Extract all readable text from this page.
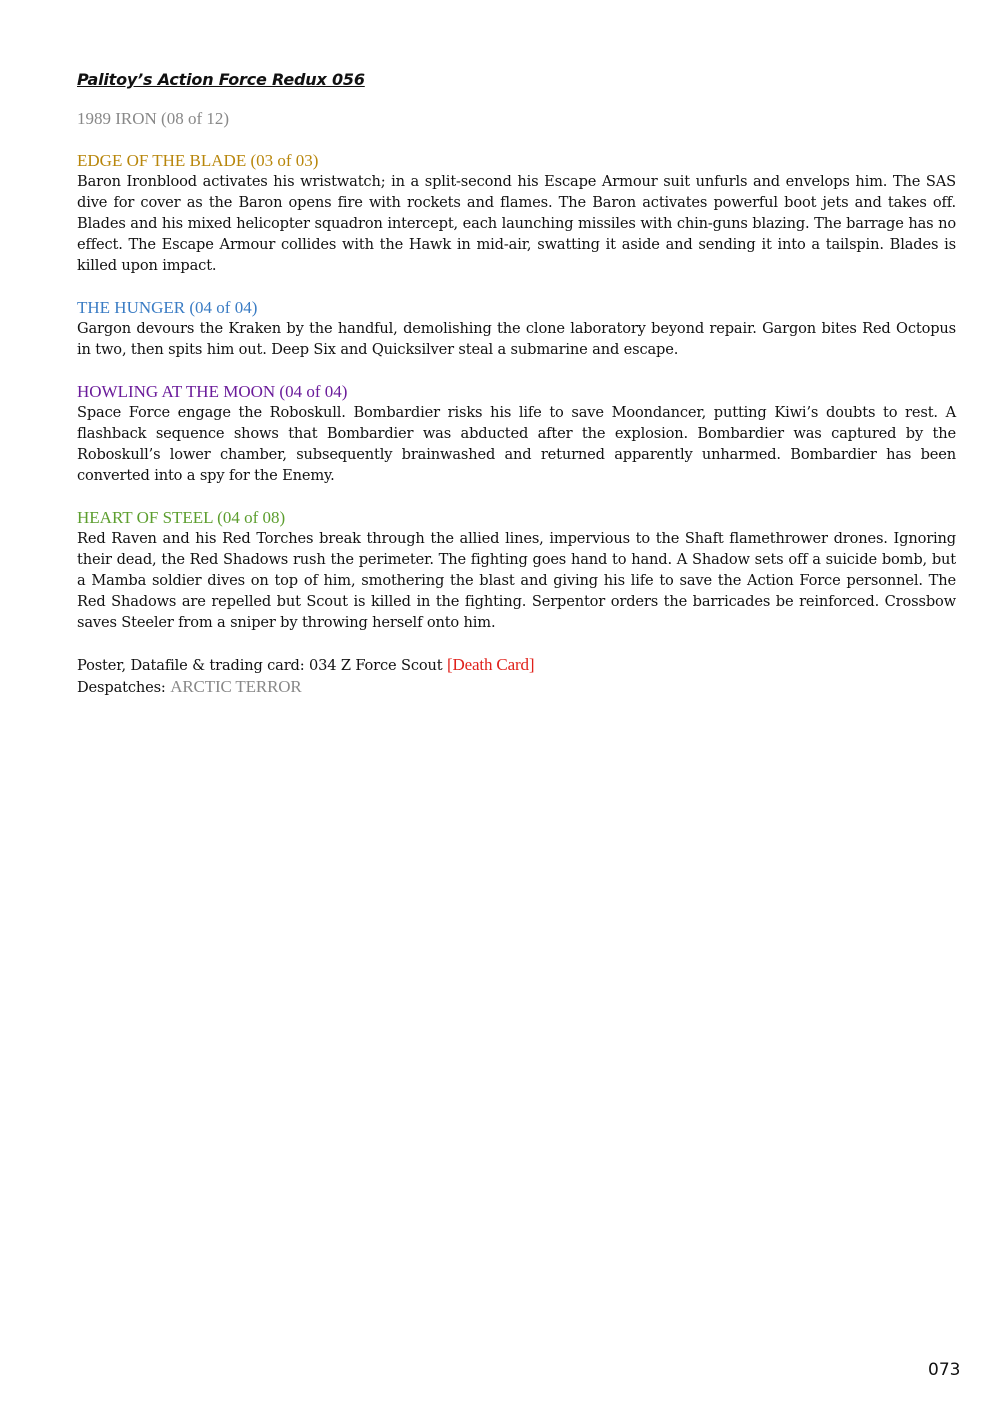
Palitoy’s Action Force Redux 056
1989 IRON (08 of 12)
EDGE OF THE BLADE (03 of 03)

Baron Ironblood activates his wristwatch; in a split-second his Escape Armour suit unfurls and envelops him. The SAS dive for cover as the Baron opens fire with rockets and flames. The Baron activates powerful boot jets and takes off. Blades and his mixed helicopter squadron intercept, each launching missiles with chin-guns blazing. The barrage has no effect. The Escape Armour collides with the Hawk in mid-air, swatting it aside and sending it into a tailspin. Blades is killed upon impact.

THE HUNGER (04 of 04)

Gargon devours the Kraken by the handful, demolishing the clone laboratory beyond repair. Gargon bites Red Octopus in two, then spits him out. Deep Six and Quicksilver steal a submarine and escape.

HOWLING AT THE MOON (04 of 04)

Space Force engage the Roboskull. Bombardier risks his life to save Moondancer, putting Kiwi’s doubts to rest. A flashback sequence shows that Bombardier was abducted after the explosion. Bombardier was captured by the Roboskull’s lower chamber, subsequently brainwashed and returned apparently unharmed. Bombardier has been converted into a spy for the Enemy.

HEART OF STEEL (04 of 08)

Red Raven and his Red Torches break through the allied lines, impervious to the Shaft flamethrower drones. Ignoring their dead, the Red Shadows rush the perimeter. The fighting goes hand to hand. A Shadow sets off a suicide bomb, but a Mamba soldier dives on top of him, smothering the blast and giving his life to save the Action Force personnel. The Red Shadows are repelled but Scout is killed in the fighting. Serpentor orders the barricades be reinforced. Crossbow saves Steeler from a sniper by throwing herself onto him.

Poster, Datafile & trading card: 034 Z Force Scout [Death Card]
Despatches: ARCTIC TERROR
073
